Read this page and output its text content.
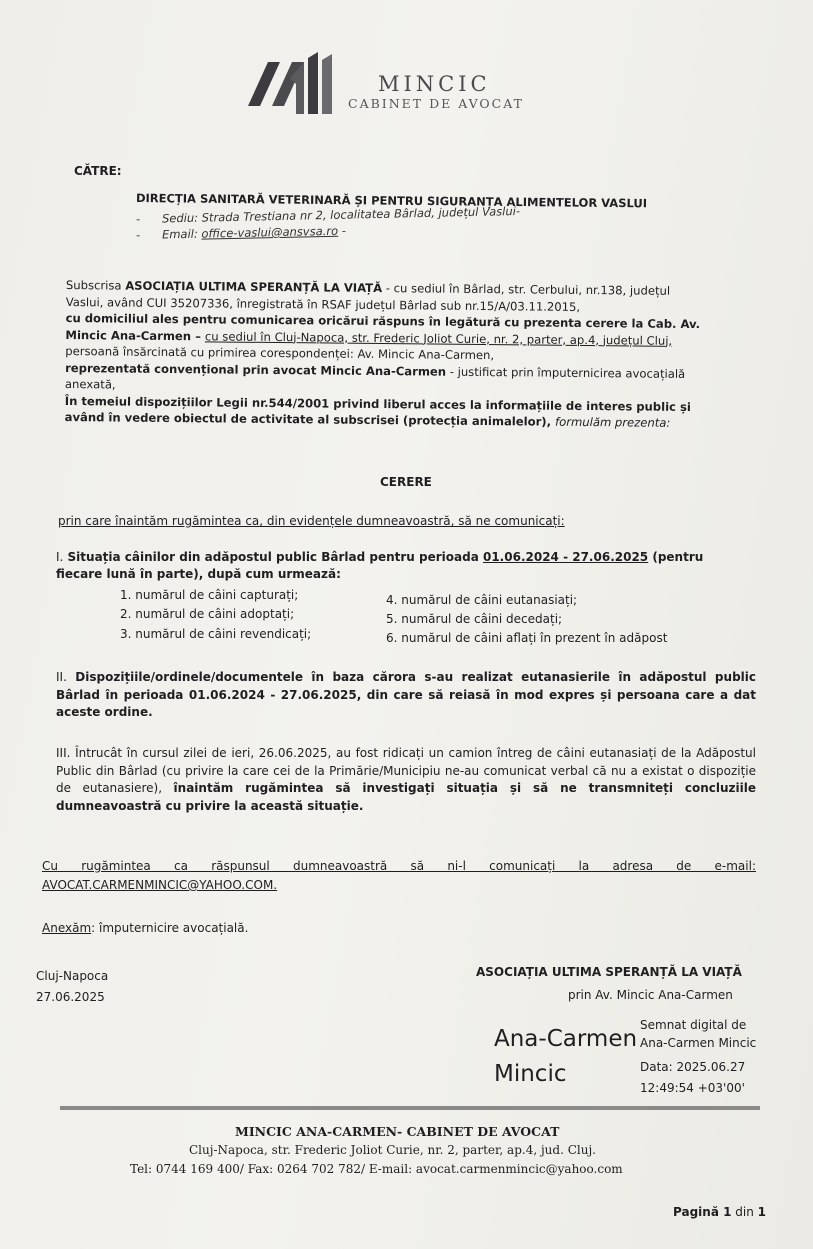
MINCIC
CABINET DE AVOCAT
CĂTRE:
DIRECȚIA SANITARĂ VETERINARĂ ȘI PENTRU SIGURANȚA ALIMENTELOR VASLUI
- Sediu: Strada Trestiana nr 2, localitatea Bârlad, județul Vaslui-
- Email: office-vaslui@ansvsa.ro -
Subscrisa ASOCIAȚIA ULTIMA SPERANȚĂ LA VIAȚĂ - cu sediul în Bârlad, str. Cerbului, nr.138, județul
Vaslui, având CUI 35207336, înregistrată în RSAF județul Bârlad sub nr.15/A/03.11.2015,
cu domiciliul ales pentru comunicarea oricărui răspuns în legătură cu prezenta cerere la Cab. Av.
Mincic Ana-Carmen – cu sediul în Cluj-Napoca, str. Frederic Joliot Curie, nr. 2, parter, ap.4, județul Cluj,
persoană însărcinată cu primirea corespondenței: Av. Mincic Ana-Carmen,
reprezentată convențional prin avocat Mincic Ana-Carmen - justificat prin împuternicirea avocațială
anexată,
În temeiul dispozițiilor Legii nr.544/2001 privind liberul acces la informațiile de interes public și
având în vedere obiectul de activitate al subscrisei (protecția animalelor), formulăm prezenta:
CERERE
prin care înaintăm rugămintea ca, din evidențele dumneavoastră, să ne comunicați:
I. Situația câinilor din adăpostul public Bârlad pentru perioada 01.06.2024 - 27.06.2025 (pentru
fiecare lună în parte), după cum urmează:
1. numărul de câini capturați;
2. numărul de câini adoptați;
3. numărul de câini revendicați;
4. numărul de câini eutanasiați;
5. numărul de câini decedați;
6. numărul de câini aflați în prezent în adăpost
II. Dispozițiile/ordinele/documentele în baza cărora s-au realizat eutanasierile în adăpostul public Bârlad în perioada 01.06.2024 - 27.06.2025, din care să reiasă în mod expres și persoana care a dat aceste ordine.
III. Întrucât în cursul zilei de ieri, 26.06.2025, au fost ridicați un camion întreg de câini eutanasiați de la Adăpostul Public din Bârlad (cu privire la care cei de la Primărie/Municipiu ne-au comunicat verbal că nu a existat o dispoziție de eutanasiere), înaintăm rugămintea să investigați situația și să ne transmniteți concluziile dumneavoastră cu privire la această situație.
Cu rugămintea ca răspunsul dumneavoastră să ni-l comunicați la adresa de e-mail: AVOCAT.CARMENMINCIC@YAHOO.COM.
Anexăm: împuternicire avocațială.
Cluj-Napoca
27.06.2025
ASOCIAȚIA ULTIMA SPERANȚĂ LA VIAȚĂ
prin Av. Mincic Ana-Carmen
Ana-Carmen
Mincic
Semnat digital de
Ana-Carmen Mincic
Data: 2025.06.27
12:49:54 +03'00'
MINCIC ANA-CARMEN- CABINET DE AVOCAT
Cluj-Napoca, str. Frederic Joliot Curie, nr. 2, parter, ap.4, jud. Cluj.
Tel: 0744 169 400/ Fax: 0264 702 782/ E-mail: avocat.carmenmincic@yahoo.com
Pagină 1 din 1
